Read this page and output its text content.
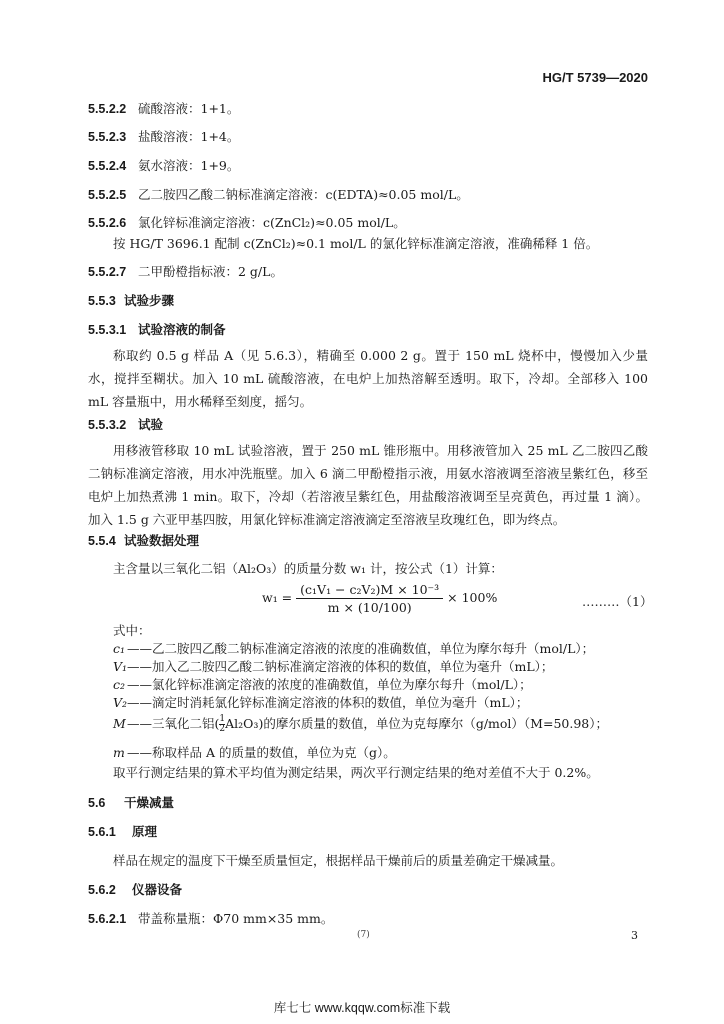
HG/T 5739—2020
5.5.2.2 硫酸溶液：1+1。
5.5.2.3 盐酸溶液：1+4。
5.5.2.4 氨水溶液：1+9。
5.5.2.5 乙二胺四乙酸二钠标准滴定溶液：c(EDTA)≈0.05 mol/L。
5.5.2.6 氯化锌标准滴定溶液：c(ZnCl₂)≈0.05 mol/L。
按 HG/T 3696.1 配制 c(ZnCl₂)≈0.1 mol/L 的氯化锌标准滴定溶液，准确稀释 1 倍。
5.5.2.7 二甲酚橙指标液：2 g/L。
5.5.3 试验步骤
5.5.3.1 试验溶液的制备
称取约 0.5 g 样品 A（见 5.6.3），精确至 0.000 2 g。置于 150 mL 烧杯中，慢慢加入少量水，搅拌至糊状。加入 10 mL 硫酸溶液，在电炉上加热溶解至透明。取下，冷却。全部移入 100 mL 容量瓶中，用水稀释至刻度，摇匀。
5.5.3.2 试验
用移液管移取 10 mL 试验溶液，置于 250 mL 锥形瓶中。用移液管加入 25 mL 乙二胺四乙酸二钠标准滴定溶液，用水冲洗瓶壁。加入 6 滴二甲酚橙指示液，用氨水溶液调至溶液呈紫红色，移至电炉上加热煮沸 1 min。取下，冷却（若溶液呈紫红色，用盐酸溶液调至呈亮黄色，再过量 1 滴）。加入 1.5 g 六亚甲基四胺，用氯化锌标准滴定溶液滴定至溶液呈玫瑰红色，即为终点。
5.5.4 试验数据处理
主含量以三氧化二铝（Al₂O₃）的质量分数 w₁ 计，按公式（1）计算：
$w_1 = \frac{\text{(c₁V₁ − c₂V₂)M × 10⁻³}}{m \times (10/100)} \times 100\%$	………（1）
式中：
c₁ ——乙二胺四乙酸二钠标准滴定溶液的浓度的准确数值，单位为摩尔每升（mol/L）；
V₁——加入乙二胺四乙酸二钠标准滴定溶液的体积的数值，单位为毫升（mL）；
c₂ ——氯化锌标准滴定溶液的浓度的准确数值，单位为摩尔每升（mol/L）；
V₂——滴定时消耗氯化锌标准滴定溶液的体积的数值，单位为毫升（mL）；
M——三氧化二铝( $\frac{1}{2} Al_2O_3$)的摩尔质量的数值，单位为克每摩尔（g/mol）（M=50.98）；
m ——称取样品 A 的质量的数值，单位为克（g）。
取平行测定结果的算术平均值为测定结果，两次平行测定结果的绝对差值不大于 0.2%。
5.6 干燥减量
5.6.1 原理
样品在规定的温度下干燥至质量恒定，根据样品干燥前后的质量差确定干燥减量。
5.6.2 仪器设备
5.6.2.1 带盖称量瓶：Φ70 mm×35 mm。
(7)	3
库七七 www.kqqw.com标准下载
